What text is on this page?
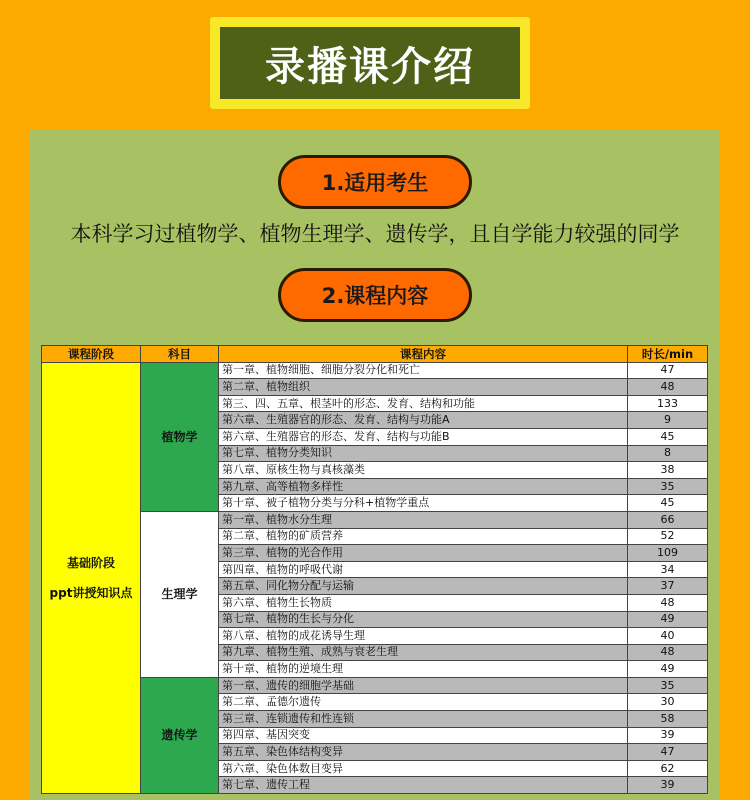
录播课介绍
1.适用考生
本科学习过植物学、植物生理学、遗传学，且自学能力较强的同学
2.课程内容
课程阶段	科目	课程内容	时长/min

基础阶段
ppt讲授知识点	植物学	第一章、植物细胞、细胞分裂分化和死亡	47
		第二章、植物组织	48
		第三、四、五章、根茎叶的形态、发育、结构和功能	133
		第六章、生殖器官的形态、发育、结构与功能A	9
		第六章、生殖器官的形态、发育、结构与功能B	45
		第七章、植物分类知识	8
		第八章、原核生物与真核藻类	38
		第九章、高等植物多样性	35
		第十章、被子植物分类与分科+植物学重点	45
	生理学	第一章、植物水分生理	66
		第二章、植物的矿质营养	52
		第三章、植物的光合作用	109
		第四章、植物的呼吸代谢	34
		第五章、同化物分配与运输	37
		第六章、植物生长物质	48
		第七章、植物的生长与分化	49
		第八章、植物的成花诱导生理	40
		第九章、植物生殖、成熟与衰老生理	48
		第十章、植物的逆境生理	49
	遗传学	第一章、遗传的细胞学基础	35
		第二章、孟德尔遗传	30
		第三章、连锁遗传和性连锁	58
		第四章、基因突变	39
		第五章、染色体结构变异	47
		第六章、染色体数目变异	62
		第七章、遗传工程	39
